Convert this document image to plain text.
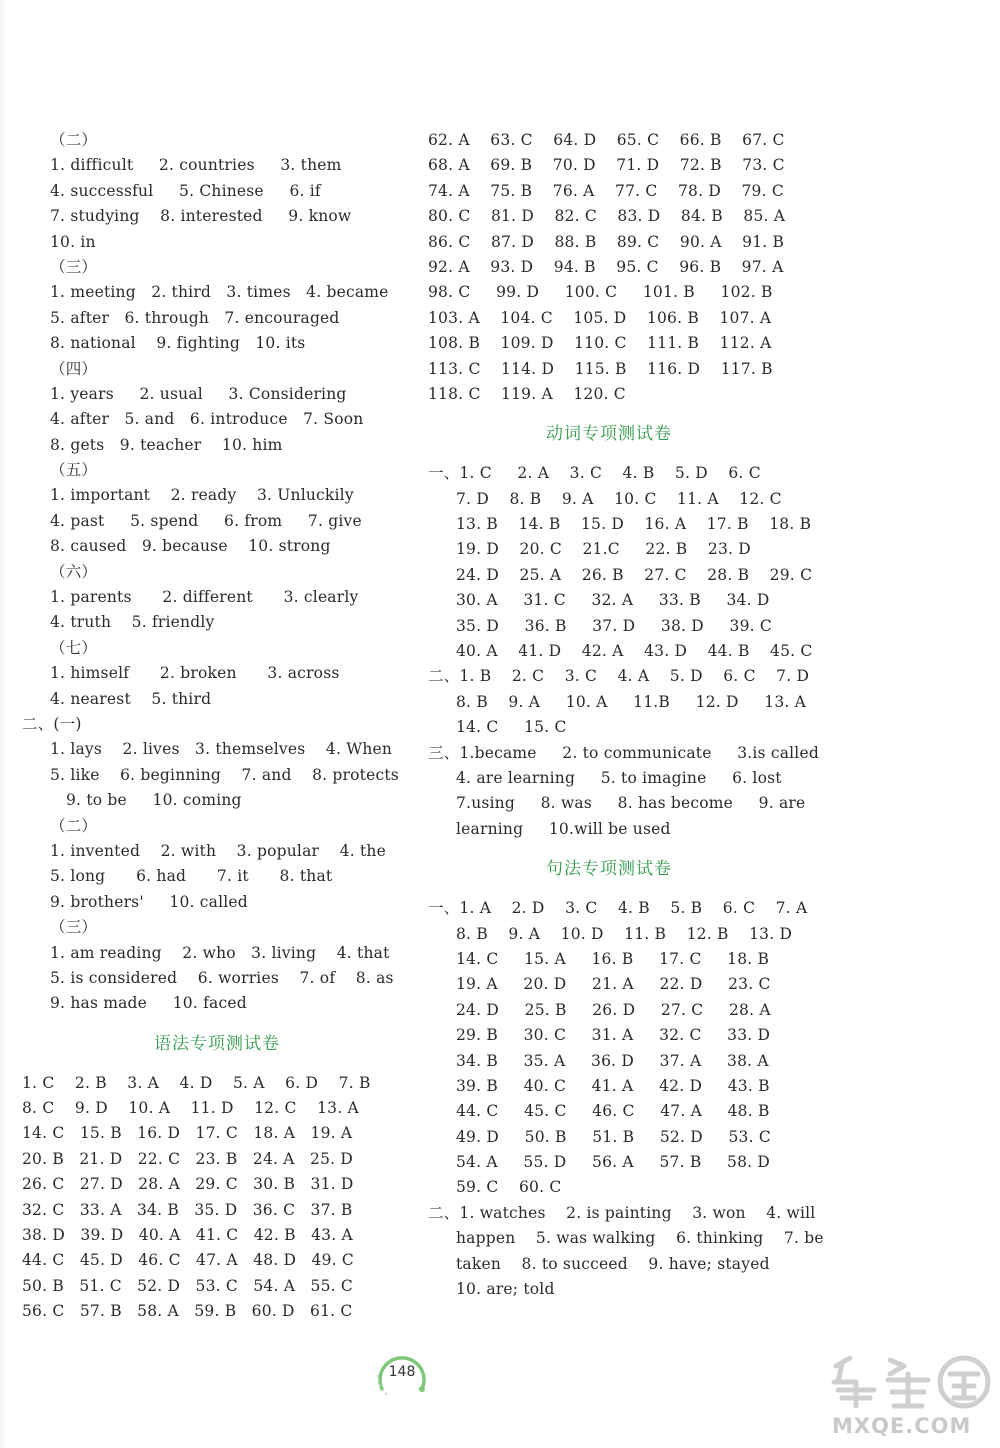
（二）
1. difficult     2. countries     3. them
4. successful     5. Chinese     6. if
7. studying    8. interested     9. know
10. in
（三）
1. meeting   2. third   3. times   4. became
5. after   6. through   7. encouraged
8. national    9. fighting   10. its
（四）
1. years     2. usual     3. Considering
4. after   5. and   6. introduce   7. Soon
8. gets   9. teacher    10. him
（五）
1. important    2. ready    3. Unluckily
4. past     5. spend     6. from     7. give
8. caused   9. because    10. strong
（六）
1. parents      2. different      3. clearly
4. truth    5. friendly
（七）
1. himself      2. broken      3. across
4. nearest    5. third
二、(一)
1. lays    2. lives   3. themselves    4. When
5. like    6. beginning    7. and    8. protects
9. to be     10. coming
（二）
1. invented    2. with    3. popular    4. the
5. long      6. had      7. it      8. that
9. brothers'     10. called
（三）
1. am reading    2. who   3. living    4. that
5. is considered    6. worries    7. of    8. as
9. has made     10. faced
语法专项测试卷
1. C    2. B    3. A    4. D    5. A    6. D    7. B
8. C    9. D    10. A    11. D    12. C    13. A
14. C   15. B   16. D   17. C   18. A   19. A
20. B   21. D   22. C   23. B   24. A   25. D
26. C   27. D   28. A   29. C   30. B   31. D
32. C   33. A   34. B   35. D   36. C   37. B
38. D   39. D   40. A   41. C   42. B   43. A
44. C   45. D   46. C   47. A   48. D   49. C
50. B   51. C   52. D   53. C   54. A   55. C
56. C   57. B   58. A   59. B   60. D   61. C
62. A    63. C    64. D    65. C    66. B    67. C
68. A    69. B    70. D    71. D    72. B    73. C
74. A    75. B    76. A    77. C    78. D    79. C
80. C    81. D    82. C    83. D    84. B    85. A
86. C    87. D    88. B    89. C    90. A    91. B
92. A    93. D    94. B    95. C    96. B    97. A
98. C     99. D     100. C     101. B     102. B
103. A    104. C    105. D    106. B    107. A
108. B    109. D    110. C    111. B    112. A
113. C    114. D    115. B    116. D    117. B
118. C    119. A    120. C
动词专项测试卷
一、1. C     2. A    3. C    4. B    5. D    6. C
7. D    8. B    9. A    10. C    11. A    12. C
13. B    14. B    15. D    16. A    17. B    18. B
19. D    20. C    21.C     22. B    23. D
24. D    25. A    26. B    27. C    28. B    29. C
30. A     31. C     32. A     33. B     34. D
35. D     36. B     37. D     38. D     39. C
40. A    41. D    42. A    43. D    44. B    45. C
二、1. B    2. C    3. C    4. A    5. D    6. C    7. D
8. B    9. A     10. A     11.B     12. D     13. A
14. C     15. C
三、1.became     2. to communicate     3.is called
4. are learning     5. to imagine     6. lost
7.using     8. was     8. has become     9. are
learning     10.will be used
句法专项测试卷
一、1. A    2. D    3. C    4. B    5. B    6. C    7. A
8. B    9. A    10. D    11. B    12. B    13. D
14. C     15. A     16. B     17. C     18. B
19. A     20. D     21. A     22. D     23. C
24. D     25. B     26. D     27. C     28. A
29. B     30. C     31. A     32. C     33. D
34. B     35. A     36. D     37. A     38. A
39. B     40. C     41. A     42. D     43. B
44. C     45. C     46. C     47. A     48. B
49. D     50. B     51. B     52. D     53. C
54. A     55. D     56. A     57. B     58. D
59. C    60. C
二、1. watches    2. is painting    3. won    4. will
happen    5. was walking    6. thinking    7. be
taken    8. to succeed    9. have; stayed
10. are; told
148
MXQE.COM
